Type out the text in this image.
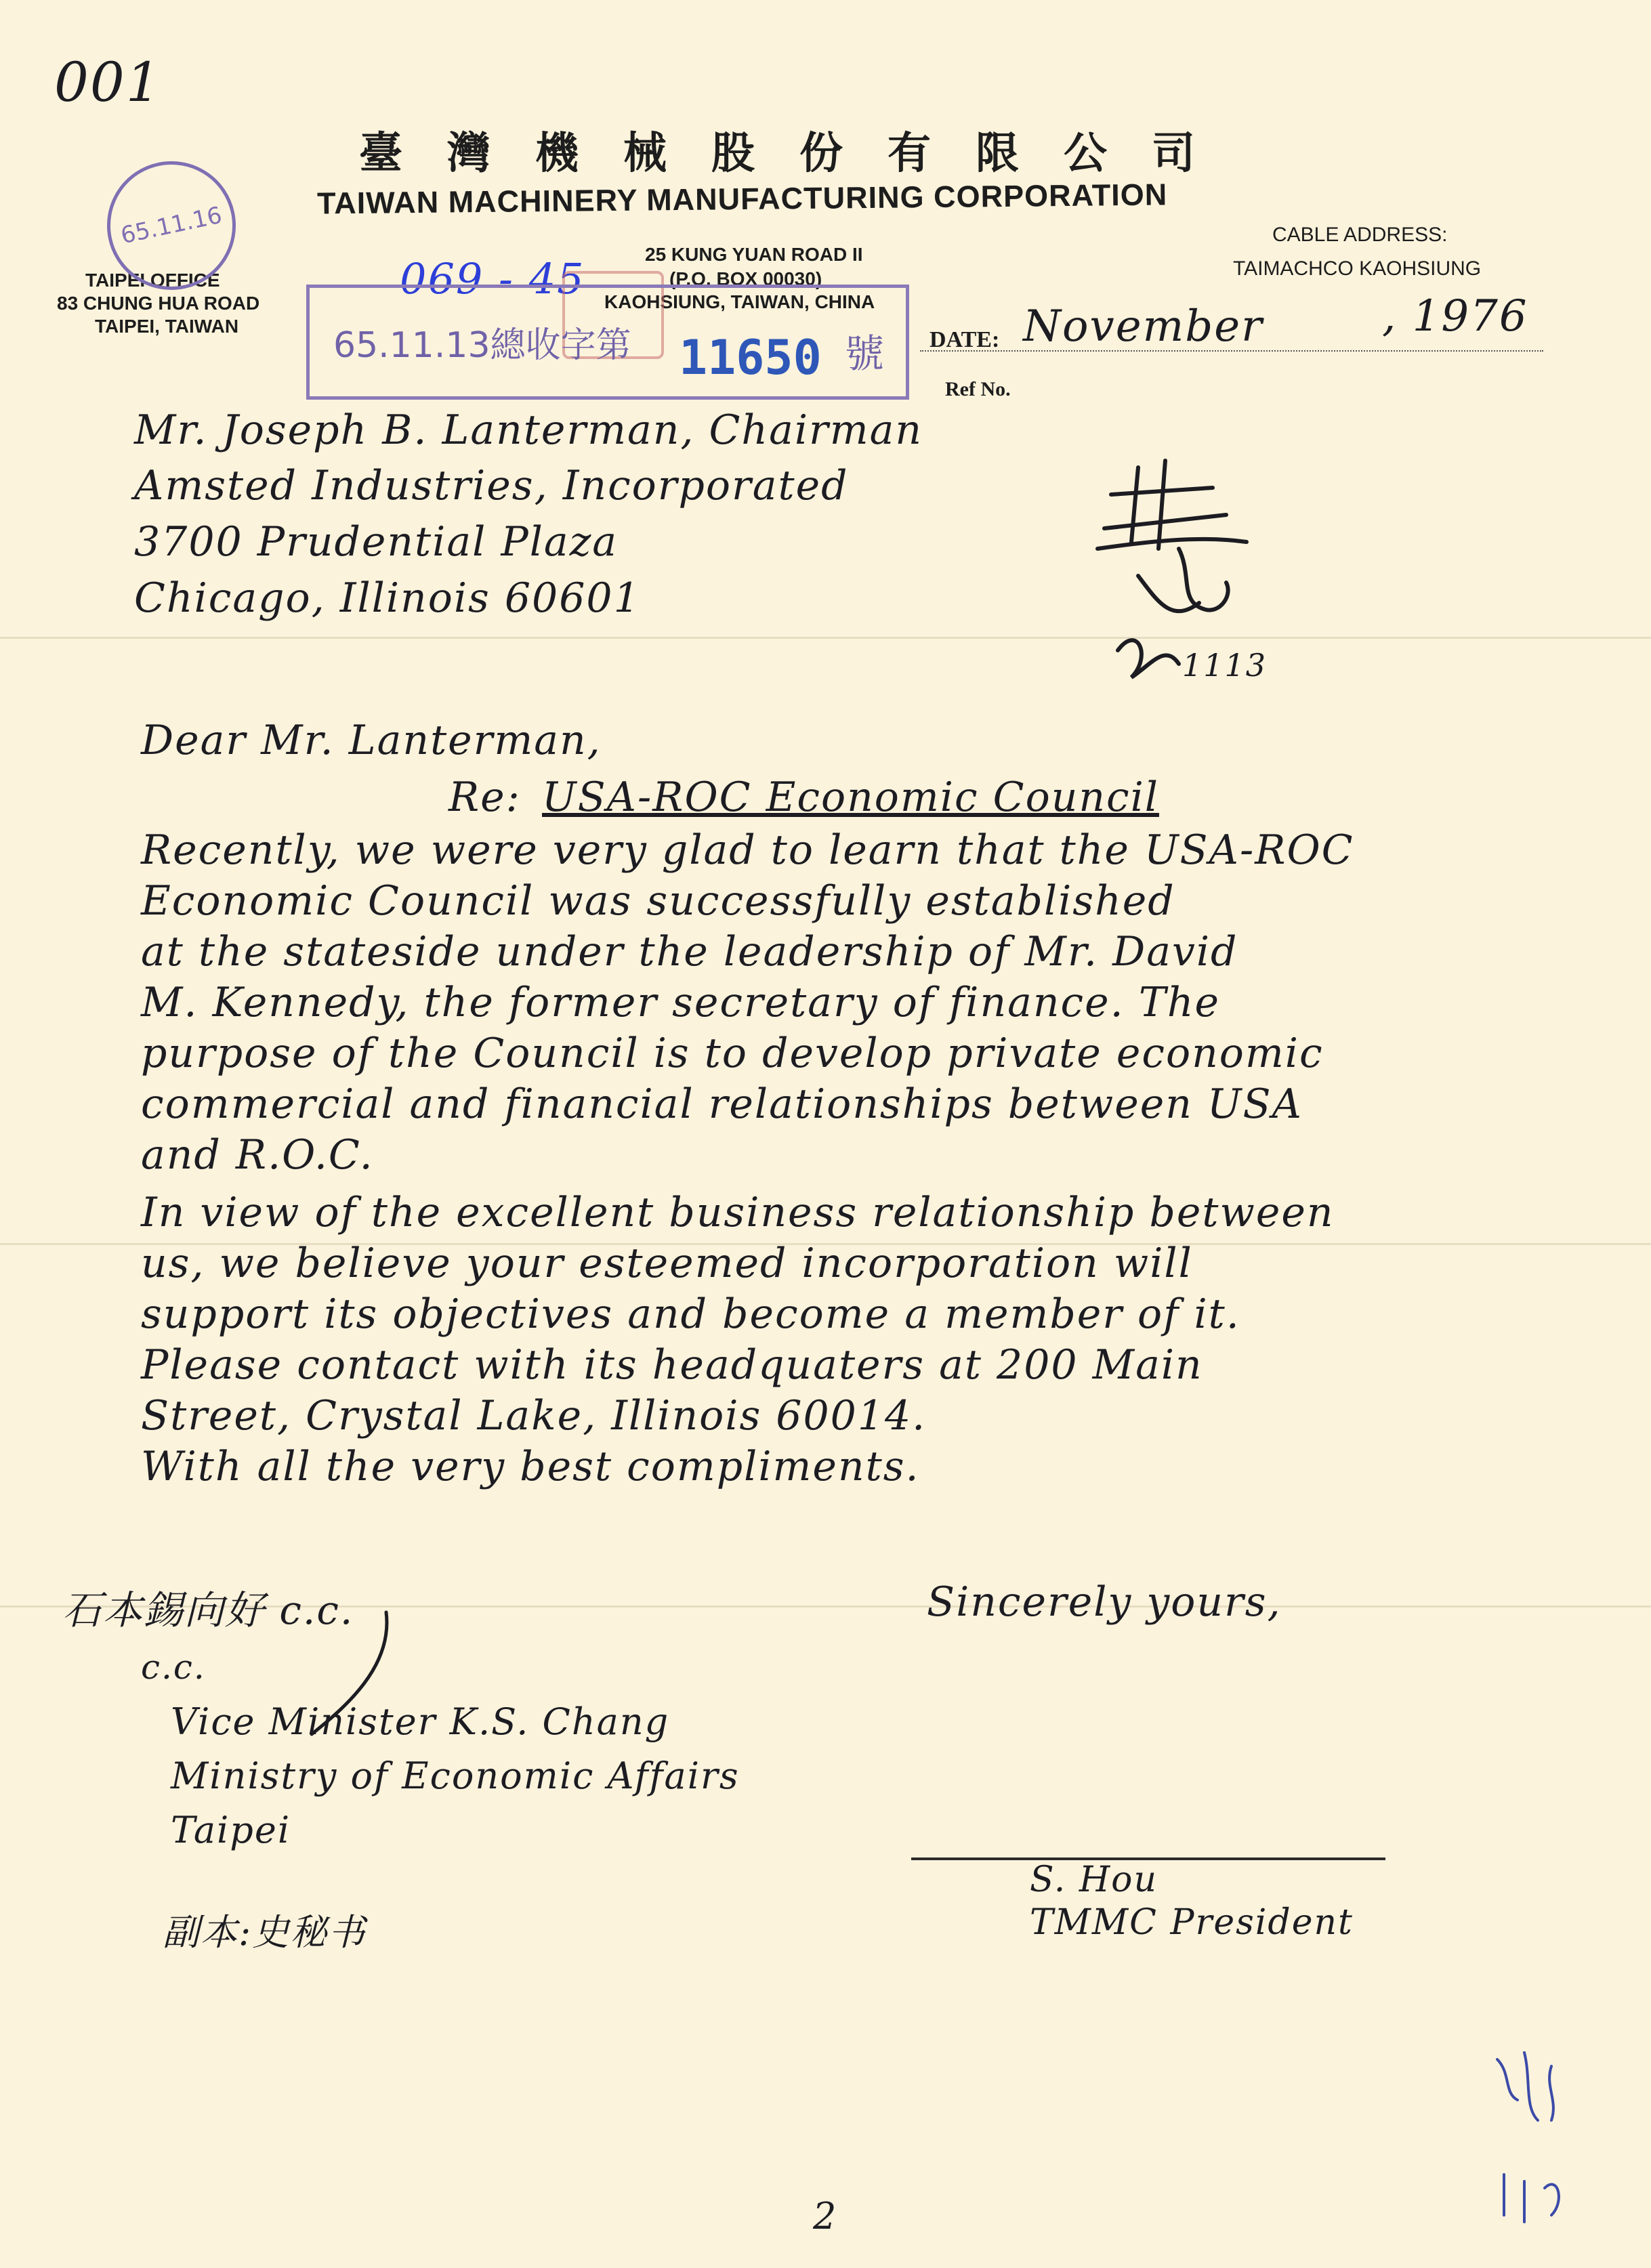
001
臺灣機械股份有限公司
TAIWAN MACHINERY MANUFACTURING CORPORATION
TAIPEI OFFICE
83 CHUNG HUA ROAD
TAIPEI, TAIWAN
25 KUNG YUAN ROAD II
(P.O. BOX 00030)
KAOHSIUNG, TAIWAN, CHINA
CABLE ADDRESS:
TAIMACHCO KAOHSIUNG
DATE: November	, 1976
Ref No.
65.11.16
069 - 45
65.11.13總收字第 11650 號
Mr. Joseph B. Lanterman, Chairman
Amsted Industries, Incorporated
3700 Prudential Plaza
Chicago, Illinois 60601
1113
Dear Mr. Lanterman,
Re: USA-ROC Economic Council
Recently, we were very glad to learn that the USA-ROC
Economic Council was successfully established
at the stateside under the leadership of Mr. David
M. Kennedy, the former secretary of finance. The
purpose of the Council is to develop private economic
commercial and financial relationships between USA
and R.O.C.
In view of the excellent business relationship between
us, we believe your esteemed incorporation will
support its objectives and become a member of it.
Please contact with its headquaters at 200 Main
Street, Crystal Lake, Illinois 60014.
With all the very best compliments.
石本錫向好 c.c.	Sincerely yours,
c.c.
Vice Minister K.S. Chang
Ministry of Economic Affairs
Taipei
S. Hou
TMMC President
副本:史秘书
2
